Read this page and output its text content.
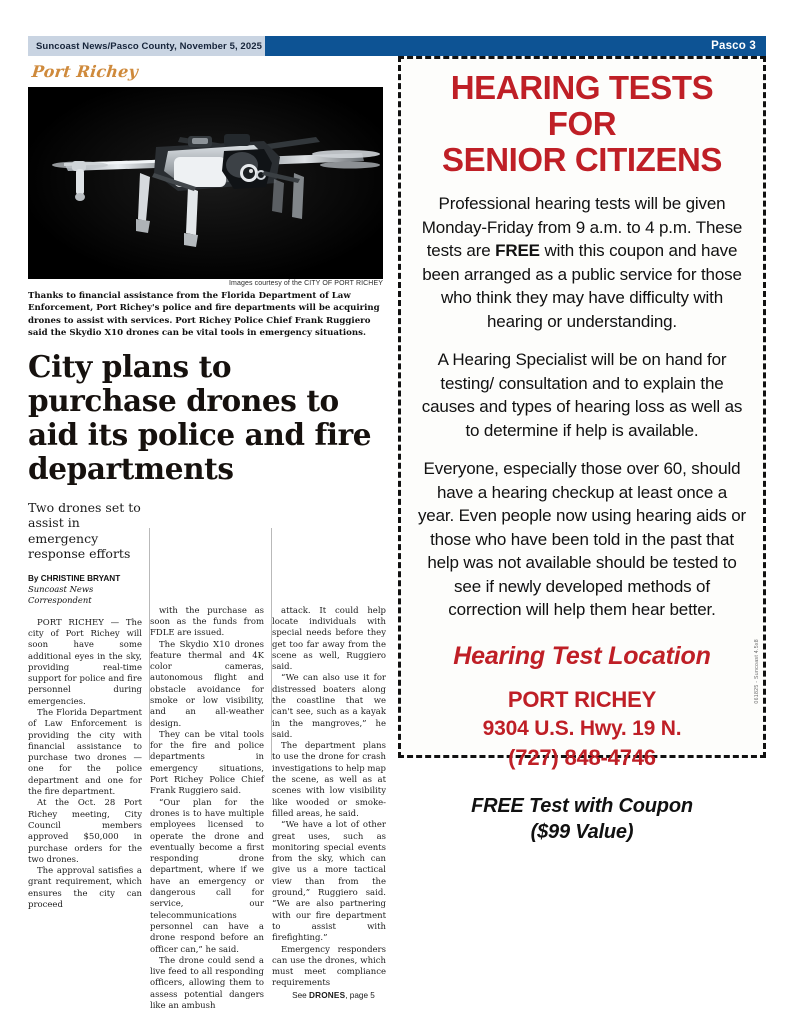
Suncoast News/Pasco County, November 5, 2025	Pasco 3
Port Richey
Images courtesy of the CITY OF PORT RICHEY
Thanks to financial assistance from the Florida Department of Law Enforcement, Port Richey's police and fire departments will be acquiring drones to assist with services. Port Richey Police Chief Frank Ruggiero said the Skydio X10 drones can be vital tools in emergency situations.
City plans to purchase drones to aid its police and fire departments
Two drones set to assist in emergency response efforts
By CHRISTINE BRYANT
Suncoast News Correspondent

PORT RICHEY — The city of Port Richey will soon have some additional eyes in the sky, providing real-time support for police and fire personnel during emergencies.

The Florida Department of Law Enforcement is providing the city with financial assistance to purchase two drones — one for the police department and one for the fire department.

At the Oct. 28 Port Richey meeting, City Council members approved $50,000 in purchase orders for the two drones.

The approval satisfies a grant requirement, which ensures the city can proceed

with the purchase as soon as the funds from FDLE are issued.

The Skydio X10 drones feature thermal and 4K color cameras, autonomous flight and obstacle avoidance for smoke or low visibility, and an all-weather design.

They can be vital tools for the fire and police departments in emergency situations, Port Richey Police Chief Frank Ruggiero said.

“Our plan for the drones is to have multiple employees licensed to operate the drone and eventually become a first responding drone department, where if we have an emergency or dangerous call for service, our telecommunications personnel can have a drone respond before an officer can,” he said.

The drone could send a live feed to all responding officers, allowing them to assess potential dangers like an ambush

attack. It could help locate individuals with special needs before they get too far away from the scene as well, Ruggiero said.

“We can also use it for distressed boaters along the coastline that we can't see, such as a kayak in the mangroves,” he said.

The department plans to use the drone for crash investigations to help map the scene, as well as at scenes with low visibility like wooded or smoke-filled areas, he said.

“We have a lot of other great uses, such as monitoring special events from the sky, which can give us a more tactical view than from the ground,” Ruggiero said. “We are also partnering with our fire department to assist with firefighting.”

Emergency responders can use the drones, which must meet compliance requirements

See DRONES, page 5

HEARING TESTS
FOR
SENIOR CITIZENS
Professional hearing tests will be given Monday-Friday from 9 a.m. to 4 p.m. These tests are FREE with this coupon and have been arranged as a public service for those who think they may have difficulty with hearing or understanding.
A Hearing Specialist will be on hand for testing/ consultation and to explain the causes and types of hearing loss as well as to determine if help is available.
Everyone, especially those over 60, should have a hearing checkup at least once a year. Even people now using hearing aids or those who have been told in the past that help was not available should be tested to see if newly developed methods of correction will help them hear better.
Hearing Test Location
PORT RICHEY
9304 U.S. Hwy. 19 N.
(727) 848-4746
FREE Test with Coupon
($99 Value)
061825 - Suncoast 4.5x8
